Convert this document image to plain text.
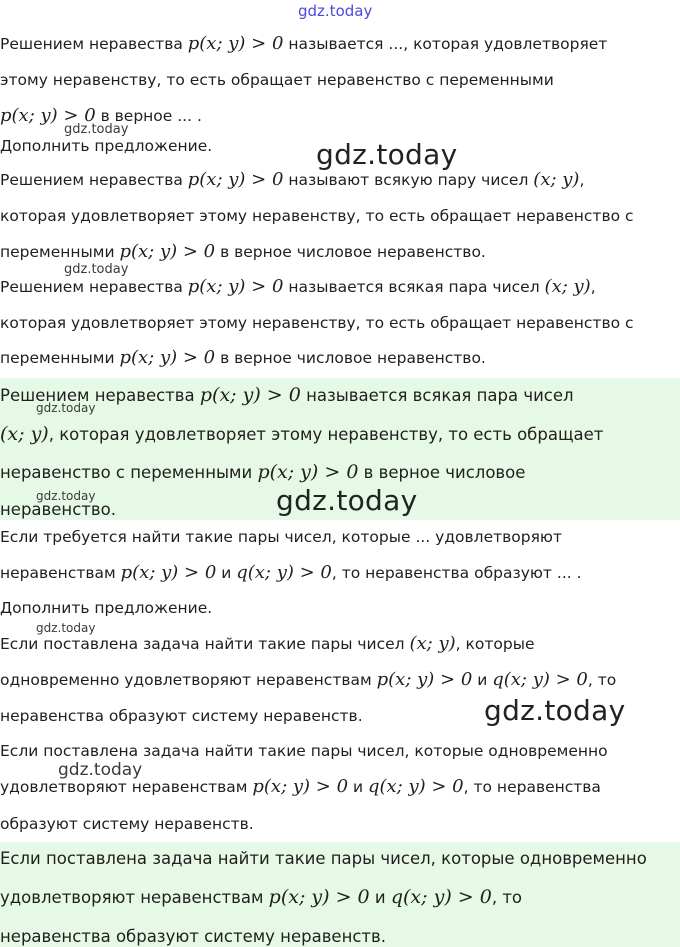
Решением неравества p(x; y) > 0 называется ..., которая удовлетворяет
этому неравенству, то есть обращает неравенство с переменными
p(x; y) > 0 в верное ... .
Дополнить предложение.
Решением неравества p(x; y) > 0 называют всякую пару чисел (x; y),
которая удовлетворяет этому неравенству, то есть обращает неравенство с
переменными p(x; y) > 0 в верное числовое неравенство.
Решением неравества p(x; y) > 0 называется всякая пара чисел (x; y),
которая удовлетворяет этому неравенству, то есть обращает неравенство с
переменными p(x; y) > 0 в верное числовое неравенство.
Решением неравества p(x; y) > 0 называется всякая пара чисел
(x; y), которая удовлетворяет этому неравенству, то есть обращает
неравенство с переменными p(x; y) > 0 в верное числовое
неравенство.
Если требуется найти такие пары чисел, которые ... удовлетворяют
неравенствам p(x; y) > 0 и q(x; y) > 0, то неравенства образуют ... .
Дополнить предложение.
Если поставлена задача найти такие пары чисел (x; y), которые
одновременно удовлетворяют неравенствам p(x; y) > 0 и q(x; y) > 0, то
неравенства образуют систему неравенств.
Если поставлена задача найти такие пары чисел, которые одновременно
удовлетворяют неравенствам p(x; y) > 0 и q(x; y) > 0, то неравенства
образуют систему неравенств.
Если поставлена задача найти такие пары чисел, которые одновременно
удовлетворяют неравенствам p(x; y) > 0 и q(x; y) > 0, то
неравенства образуют систему неравенств.
gdz.today
gdz.today
gdz.today
gdz.today
gdz.today
gdz.today	gdz.today
gdz.today
gdz.today
gdz.today
